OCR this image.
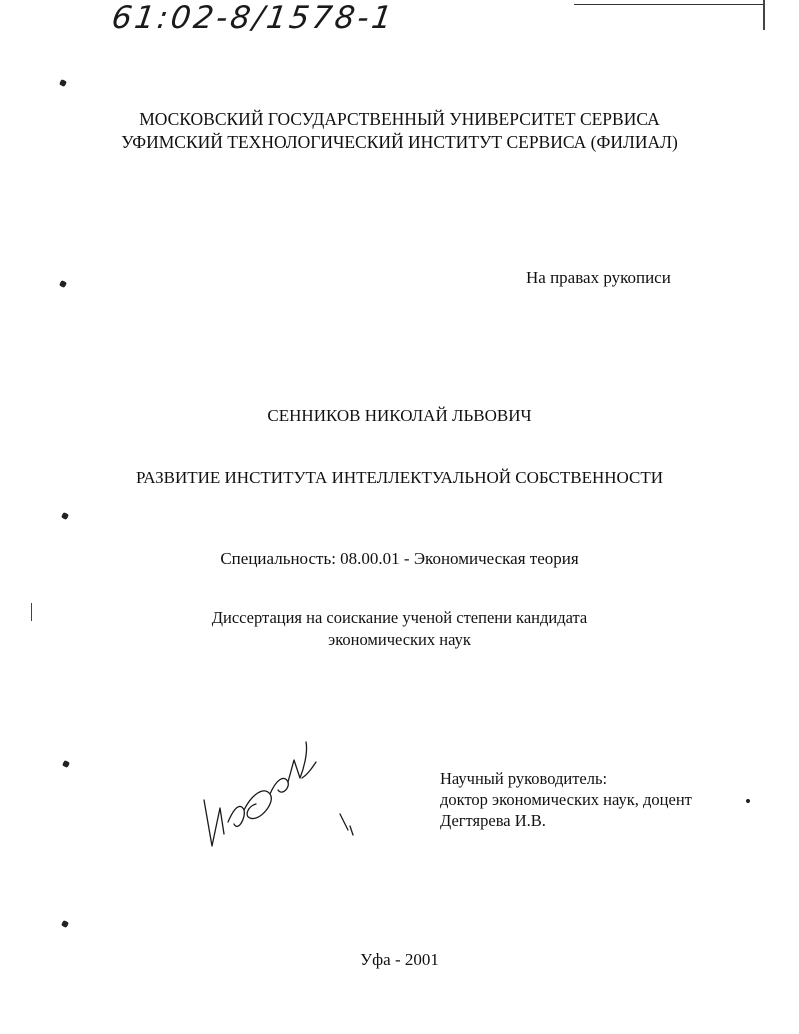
61:02-8/1578-1
МОСКОВСКИЙ ГОСУДАРСТВЕННЫЙ УНИВЕРСИТЕТ СЕРВИСА
УФИМСКИЙ ТЕХНОЛОГИЧЕСКИЙ ИНСТИТУТ СЕРВИСА (ФИЛИАЛ)
На правах рукописи
СЕННИКОВ НИКОЛАЙ ЛЬВОВИЧ
РАЗВИТИЕ ИНСТИТУТА ИНТЕЛЛЕКТУАЛЬНОЙ СОБСТВЕННОСТИ
Специальность: 08.00.01 - Экономическая теория
Диссертация на соискание ученой степени кандидата
экономических наук
Научный руководитель:
доктор экономических наук, доцент
Дегтярева И.В.
Уфа - 2001
